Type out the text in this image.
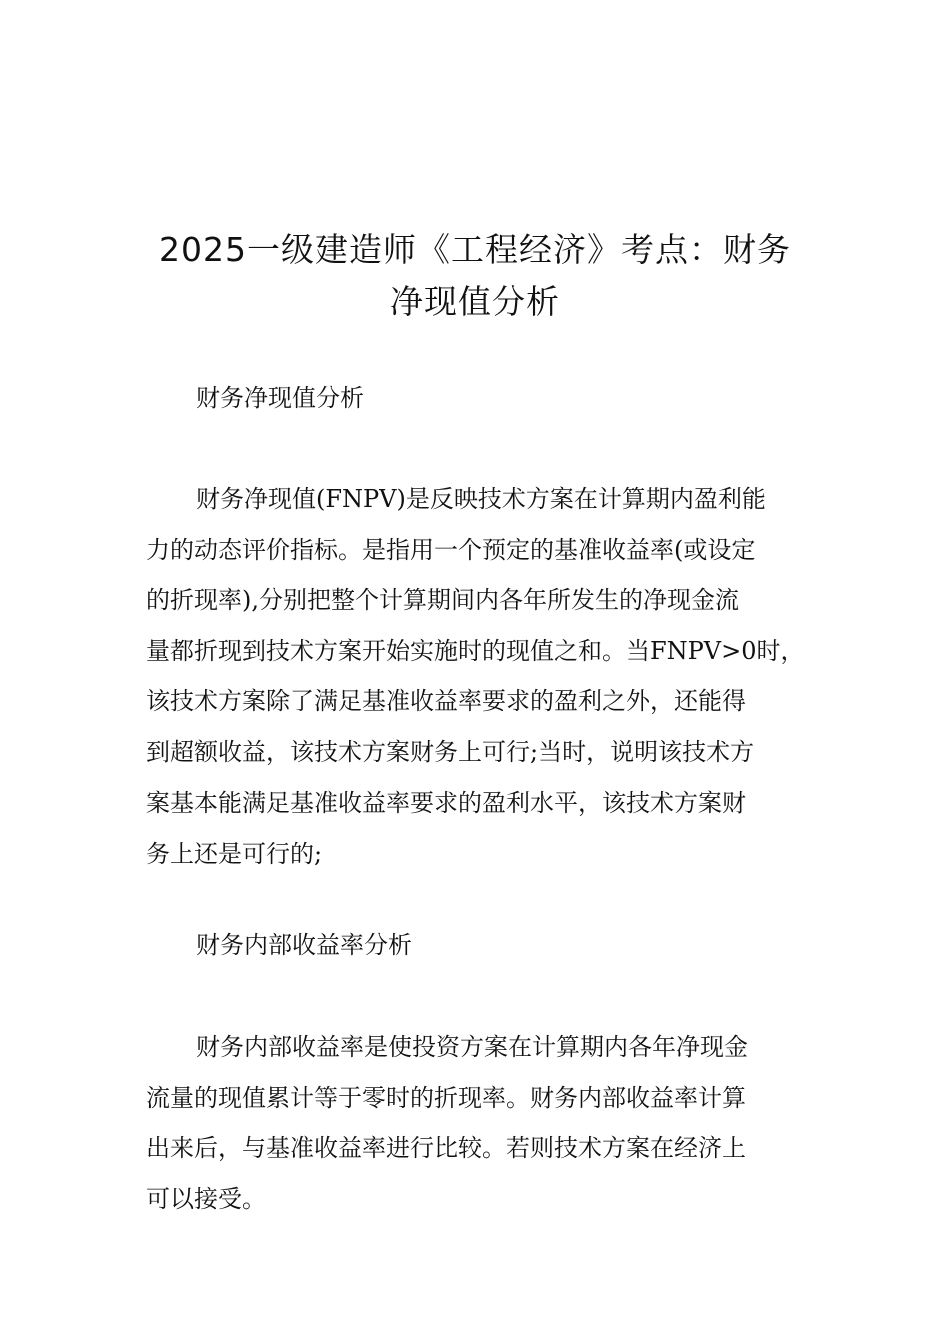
2025一级建造师《工程经济》考点：财务
净现值分析
财务净现值分析
财务净现值(FNPV)是反映技术方案在计算期内盈利能
力的动态评价指标。是指用一个预定的基准收益率(或设定
的折现率),分别把整个计算期间内各年所发生的净现金流
量都折现到技术方案开始实施时的现值之和。当FNPV>0时，
该技术方案除了满足基准收益率要求的盈利之外，还能得
到超额收益，该技术方案财务上可行;当时，说明该技术方
案基本能满足基准收益率要求的盈利水平，该技术方案财
务上还是可行的;
财务内部收益率分析
财务内部收益率是使投资方案在计算期内各年净现金
流量的现值累计等于零时的折现率。财务内部收益率计算
出来后，与基准收益率进行比较。若则技术方案在经济上
可以接受。
